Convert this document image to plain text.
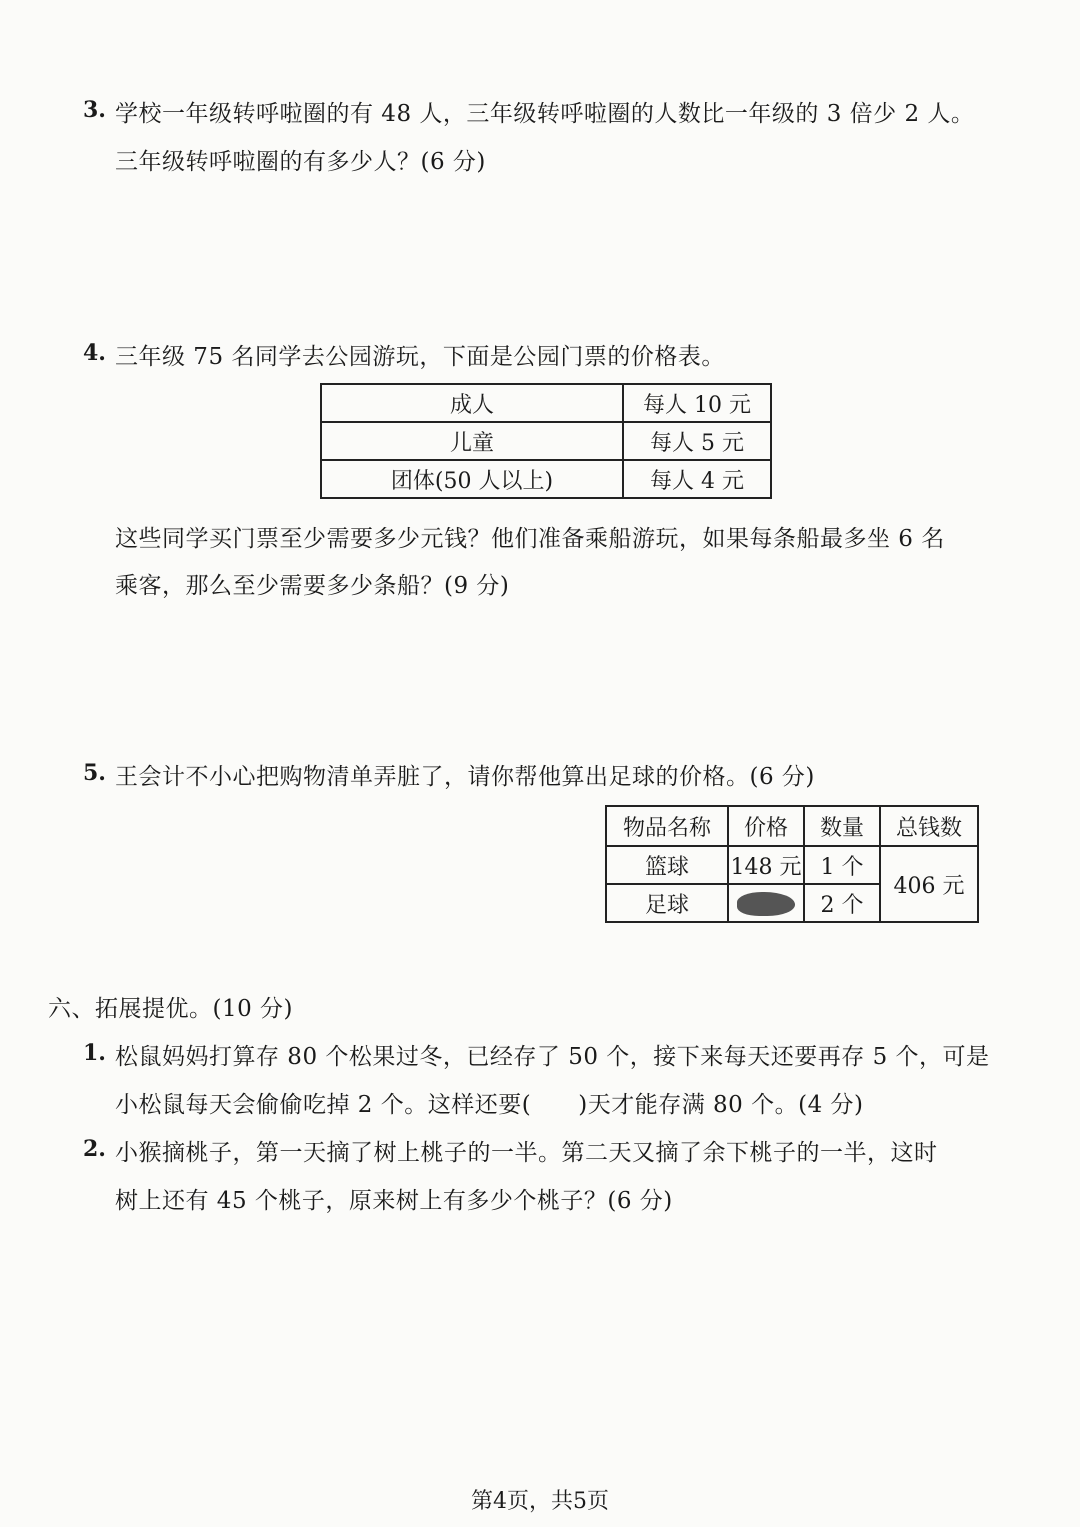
3. 学校一年级转呼啦圈的有 48 人，三年级转呼啦圈的人数比一年级的 3 倍少 2 人。
三年级转呼啦圈的有多少人？(6 分)
4. 三年级 75 名同学去公园游玩，下面是公园门票的价格表。
成人	每人 10 元
儿童	每人 5 元
团体(50 人以上)	每人 4 元
这些同学买门票至少需要多少元钱？他们准备乘船游玩，如果每条船最多坐 6 名
乘客，那么至少需要多少条船？(9 分)
5. 王会计不小心把购物清单弄脏了，请你帮他算出足球的价格。(6 分)
物品名称	价格	数量	总钱数
篮球	148 元	1 个	406 元
足球		2 个	
六、拓展提优。(10 分)
1. 松鼠妈妈打算存 80 个松果过冬，已经存了 50 个，接下来每天还要再存 5 个，可是
小松鼠每天会偷偷吃掉 2 个。这样还要(　　)天才能存满 80 个。(4 分)
2. 小猴摘桃子，第一天摘了树上桃子的一半。第二天又摘了余下桃子的一半，这时
树上还有 45 个桃子，原来树上有多少个桃子？(6 分)
第4页，共5页
